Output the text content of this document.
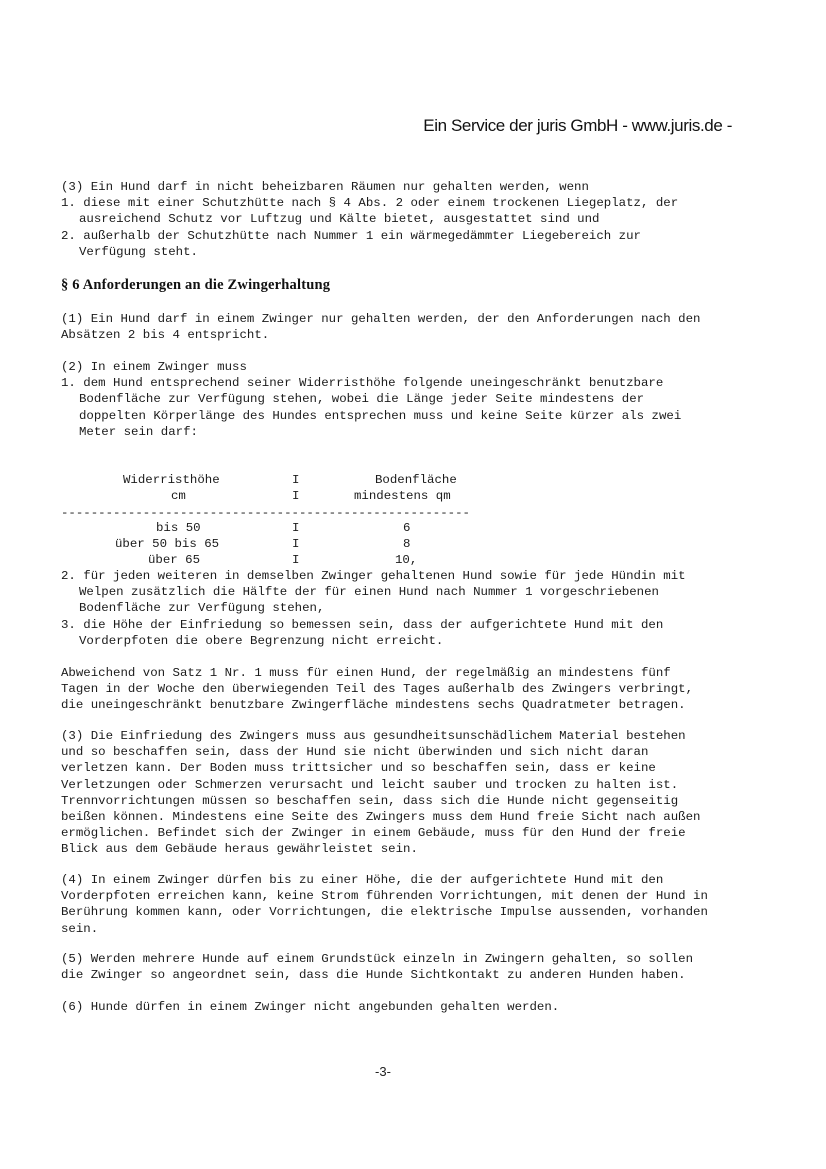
Ein Service der juris GmbH - www.juris.de -
(3) Ein Hund darf in nicht beheizbaren Räumen nur gehalten werden, wenn
1. diese mit einer Schutzhütte nach § 4 Abs. 2 oder einem trockenen Liegeplatz, der
ausreichend Schutz vor Luftzug und Kälte bietet, ausgestattet sind und
2. außerhalb der Schutzhütte nach Nummer 1 ein wärmegedämmter Liegebereich zur
Verfügung steht.
§ 6 Anforderungen an die Zwingerhaltung
(1) Ein Hund darf in einem Zwinger nur gehalten werden, der den Anforderungen nach den
Absätzen 2 bis 4 entspricht.
(2) In einem Zwinger muss
1. dem Hund entsprechend seiner Widerristhöhe folgende uneingeschränkt benutzbare
Bodenfläche zur Verfügung stehen, wobei die Länge jeder Seite mindestens der
doppelten Körperlänge des Hundes entsprechen muss und keine Seite kürzer als zwei
Meter sein darf:
Widerristhöhe	I	Bodenfläche
cm	I	mindestens qm
-------------------------------------------------------
bis 50	I	6
über 50 bis 65	I	8
über 65	I	10,
2. für jeden weiteren in demselben Zwinger gehaltenen Hund sowie für jede Hündin mit
Welpen zusätzlich die Hälfte der für einen Hund nach Nummer 1 vorgeschriebenen
Bodenfläche zur Verfügung stehen,
3. die Höhe der Einfriedung so bemessen sein, dass der aufgerichtete Hund mit den
Vorderpfoten die obere Begrenzung nicht erreicht.
Abweichend von Satz 1 Nr. 1 muss für einen Hund, der regelmäßig an mindestens fünf
Tagen in der Woche den überwiegenden Teil des Tages außerhalb des Zwingers verbringt,
die uneingeschränkt benutzbare Zwingerfläche mindestens sechs Quadratmeter betragen.
(3) Die Einfriedung des Zwingers muss aus gesundheitsunschädlichem Material bestehen
und so beschaffen sein, dass der Hund sie nicht überwinden und sich nicht daran
verletzen kann. Der Boden muss trittsicher und so beschaffen sein, dass er keine
Verletzungen oder Schmerzen verursacht und leicht sauber und trocken zu halten ist.
Trennvorrichtungen müssen so beschaffen sein, dass sich die Hunde nicht gegenseitig
beißen können. Mindestens eine Seite des Zwingers muss dem Hund freie Sicht nach außen
ermöglichen. Befindet sich der Zwinger in einem Gebäude, muss für den Hund der freie
Blick aus dem Gebäude heraus gewährleistet sein.
(4) In einem Zwinger dürfen bis zu einer Höhe, die der aufgerichtete Hund mit den
Vorderpfoten erreichen kann, keine Strom führenden Vorrichtungen, mit denen der Hund in
Berührung kommen kann, oder Vorrichtungen, die elektrische Impulse aussenden, vorhanden
sein.
(5) Werden mehrere Hunde auf einem Grundstück einzeln in Zwingern gehalten, so sollen
die Zwinger so angeordnet sein, dass die Hunde Sichtkontakt zu anderen Hunden haben.
(6) Hunde dürfen in einem Zwinger nicht angebunden gehalten werden.
-3-
